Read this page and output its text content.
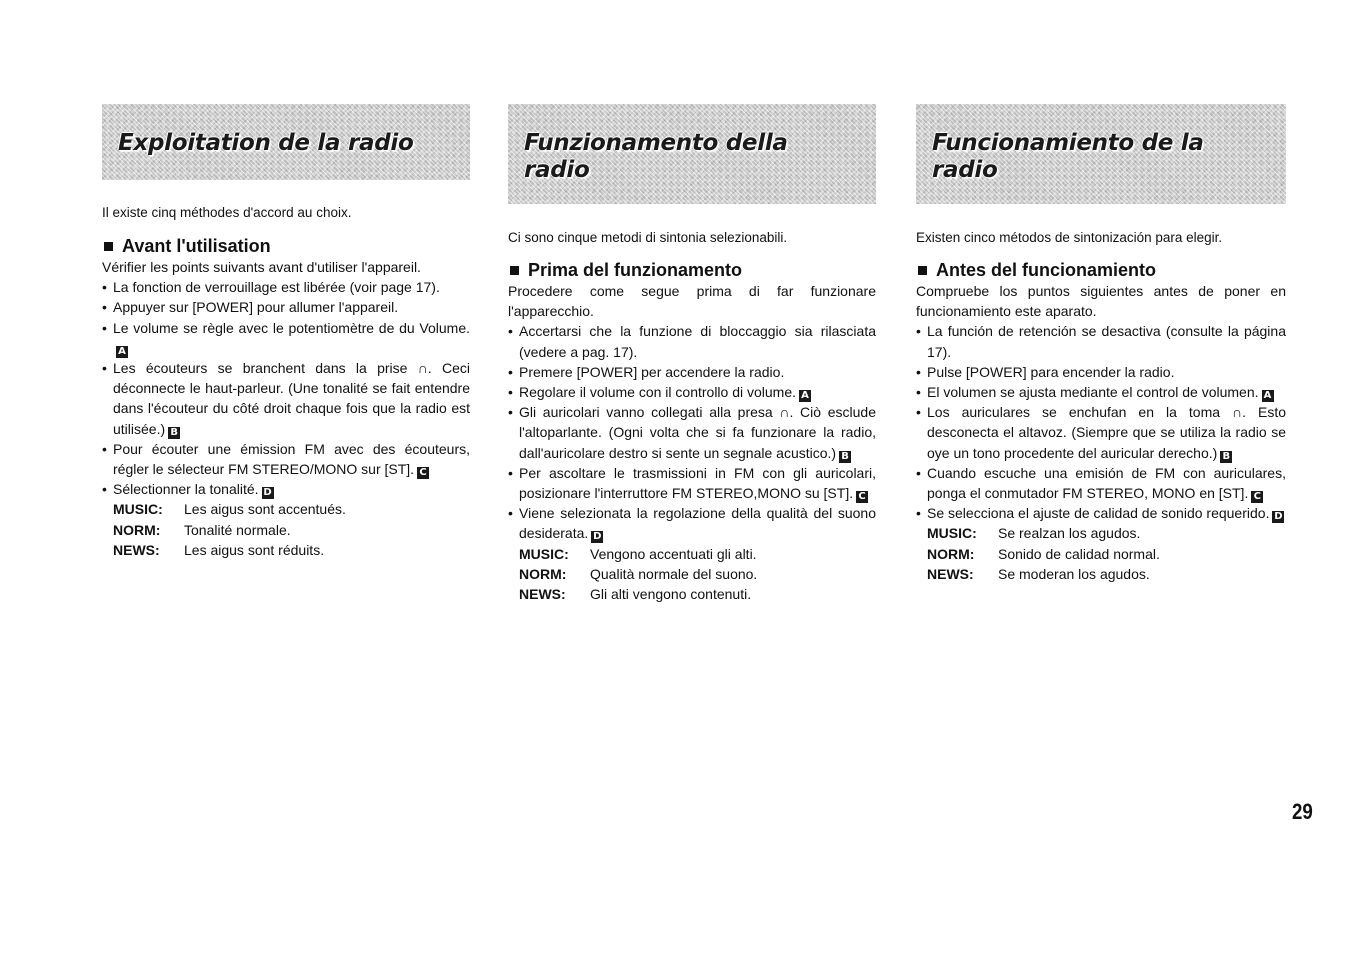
Exploitation de la radio

Il existe cinq méthodes d'accord au choix.

Avant l'utilisation

Vérifier les points suivants avant d'utiliser l'appareil.

• La fonction de verrouillage est libérée (voir page 17).
• Appuyer sur [POWER] pour allumer l'appareil.
• Le volume se règle avec le potentiomètre de du Volume.A
• Les écouteurs se branchent dans la prise ∩. Ceci déconnecte le haut-parleur. (Une tonalité se fait entendre dans l'écouteur du côté droit chaque fois que la radio est utilisée.) B
• Pour écouter une émission FM avec des écouteurs, régler le sélecteur FM STEREO/MONO sur [ST]. C
• Sélectionner la tonalité. D
MUSIC:	Les aigus sont accentués.
NORM:	Tonalité normale.
NEWS:	Les aigus sont réduits.
Funzionamento della radio

Ci sono cinque metodi di sintonia selezionabili.

Prima del funzionamento

Procedere come segue prima di far funzionare l'apparecchio.

• Accertarsi che la funzione di bloccaggio sia rilasciata (vedere a pag. 17).
• Premere [POWER] per accendere la radio.
• Regolare il volume con il controllo di volume. A
• Gli auricolari vanno collegati alla presa ∩. Ciò esclude l'altoparlante. (Ogni volta che si fa funzionare la radio, dall'auricolare destro si sente un segnale acustico.) B
• Per ascoltare le trasmissioni in FM con gli auricolari, posizionare l'interruttore FM STEREO,MONO su [ST]. C
• Viene selezionata la regolazione della qualità del suono desiderata. D
MUSIC:	Vengono accentuati gli alti.
NORM:	Qualità normale del suono.
NEWS:	Gli alti vengono contenuti.
Funcionamiento de la radio

Existen cinco métodos de sintonización para elegir.

Antes del funcionamiento

Compruebe los puntos siguientes antes de poner en funcionamiento este aparato.

• La función de retención se desactiva (consulte la página 17).
• Pulse [POWER] para encender la radio.
• El volumen se ajusta mediante el control de volumen. A
• Los auriculares se enchufan en la toma ∩. Esto desconecta el altavoz. (Siempre que se utiliza la radio se oye un tono procedente del auricular derecho.) B
• Cuando escuche una emisión de FM con auriculares, ponga el conmutador FM STEREO, MONO en [ST]. C
• Se selecciona el ajuste de calidad de sonido requerido. D
MUSIC:	Se realzan los agudos.
NORM:	Sonido de calidad normal.
NEWS:	Se moderan los agudos.
29
